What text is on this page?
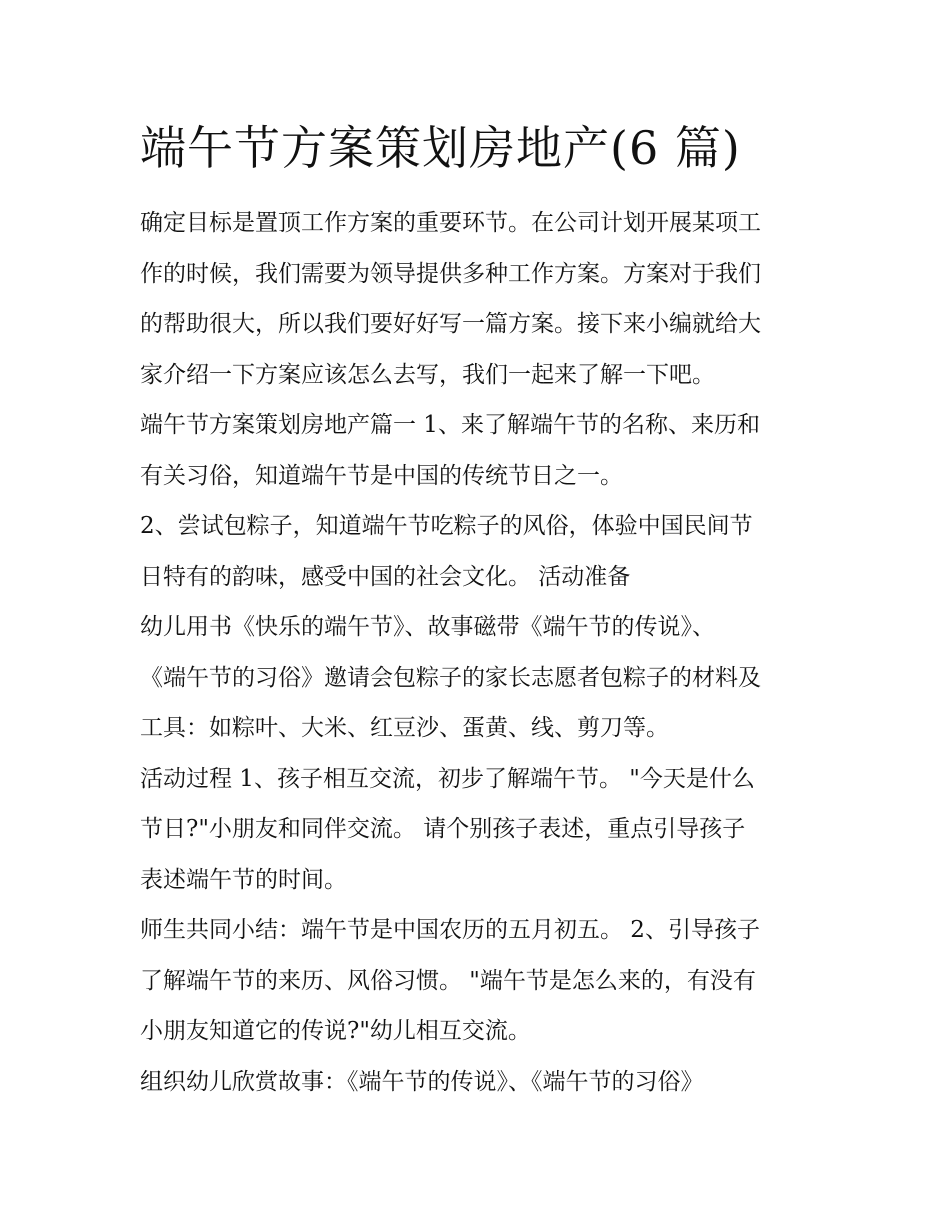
端午节方案策划房地产(6 篇)
确定目标是置顶工作方案的重要环节。在公司计划开展某项工
作的时候，我们需要为领导提供多种工作方案。方案对于我们
的帮助很大，所以我们要好好写一篇方案。接下来小编就给大
家介绍一下方案应该怎么去写，我们一起来了解一下吧。
端午节方案策划房地产篇一 1、来了解端午节的名称、来历和
有关习俗，知道端午节是中国的传统节日之一。
2、尝试包粽子，知道端午节吃粽子的风俗，体验中国民间节
日特有的韵味，感受中国的社会文化。 活动准备
幼儿用书《快乐的端午节》、故事磁带《端午节的传说》、
《端午节的习俗》邀请会包粽子的家长志愿者包粽子的材料及
工具：如粽叶、大米、红豆沙、蛋黄、线、剪刀等。
活动过程 1、孩子相互交流，初步了解端午节。 "今天是什么
节日?"小朋友和同伴交流。 请个别孩子表述，重点引导孩子
表述端午节的时间。
师生共同小结：端午节是中国农历的五月初五。 2、引导孩子
了解端午节的来历、风俗习惯。 "端午节是怎么来的，有没有
小朋友知道它的传说?"幼儿相互交流。
组织幼儿欣赏故事：《端午节的传说》、《端午节的习俗》
